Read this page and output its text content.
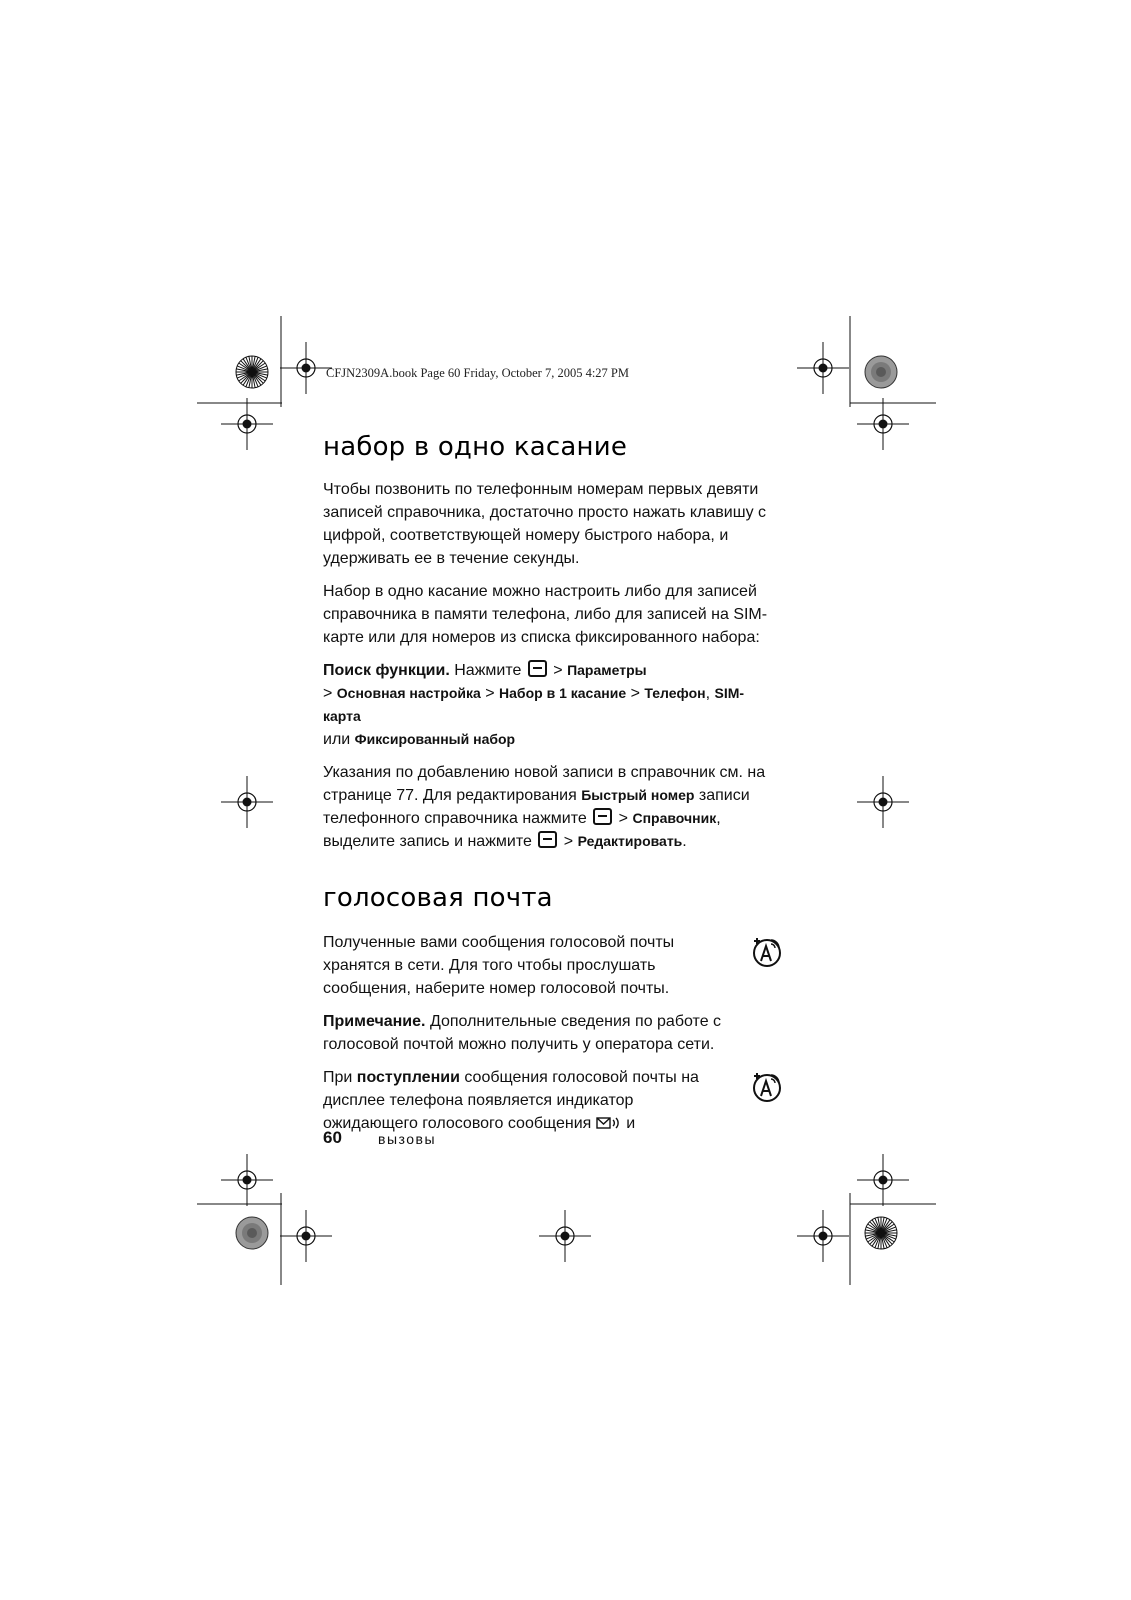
CFJN2309A.book Page 60 Friday, October 7, 2005 4:27 PM
набор в одно касание

Чтобы позвонить по телефонным номерам первых девяти записей справочника, достаточно просто нажать клавишу с цифрой, соответствующей номеру быстрого набора, и удерживать ее в течение секунды.

Набор в одно касание можно настроить либо для записей справочника в памяти телефона, либо для записей на SIM-карте или для номеров из списка фиксированного набора:

Поиск функции. Нажмите > Параметры
> Основная настройка > Набор в 1 касание > Телефон, SIM-карта
или Фиксированный набор

Указания по добавлению новой записи в справочник см. на странице 77. Для редактирования Быстрый номер записи телефонного справочника нажмите > Справочник, выделите запись и нажмите > Редактировать.

голосовая почта

Полученные вами сообщения голосовой почты хранятся в сети. Для того чтобы прослушать сообщения, наберите номер голосовой почты.

Примечание. Дополнительные сведения по работе с голосовой почтой можно получить у оператора сети.

При поступлении сообщения голосовой почты на дисплее телефона появляется индикатор ожидающего голосового сообщения и

60	вызовы
